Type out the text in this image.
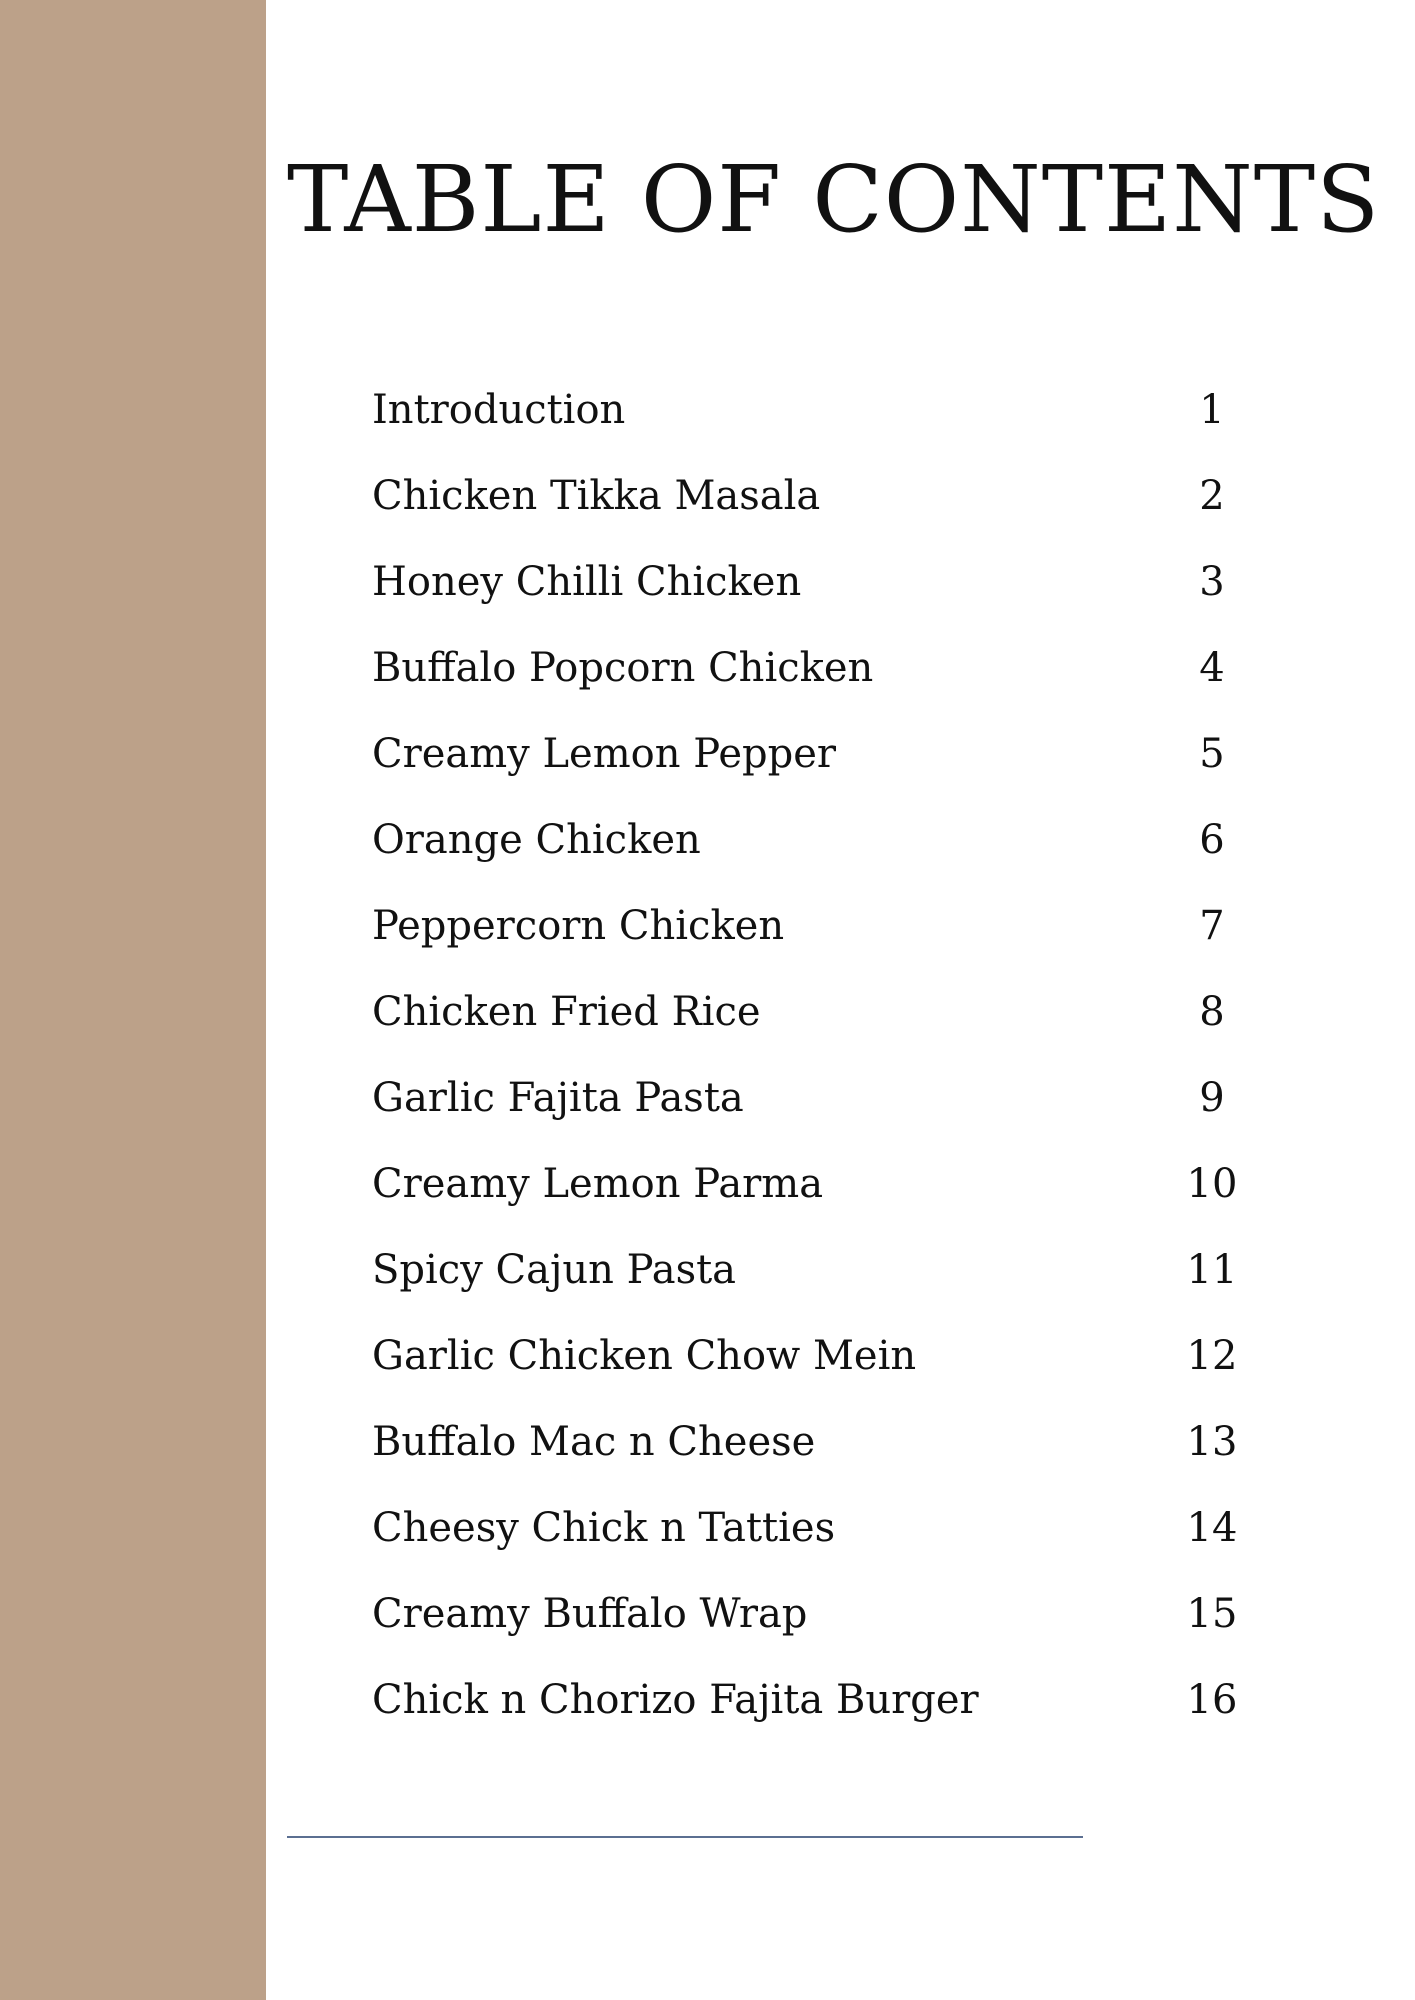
TABLE OF CONTENTS
Introduction	1
Chicken Tikka Masala	2
Honey Chilli Chicken	3
Buffalo Popcorn Chicken	4
Creamy Lemon Pepper	5
Orange Chicken	6
Peppercorn Chicken	7
Chicken Fried Rice	8
Garlic Fajita Pasta	9
Creamy Lemon Parma	10
Spicy Cajun Pasta	11
Garlic Chicken Chow Mein	12
Buffalo Mac n Cheese	13
Cheesy Chick n Tatties	14
Creamy Buffalo Wrap	15
Chick n Chorizo Fajita Burger	16
